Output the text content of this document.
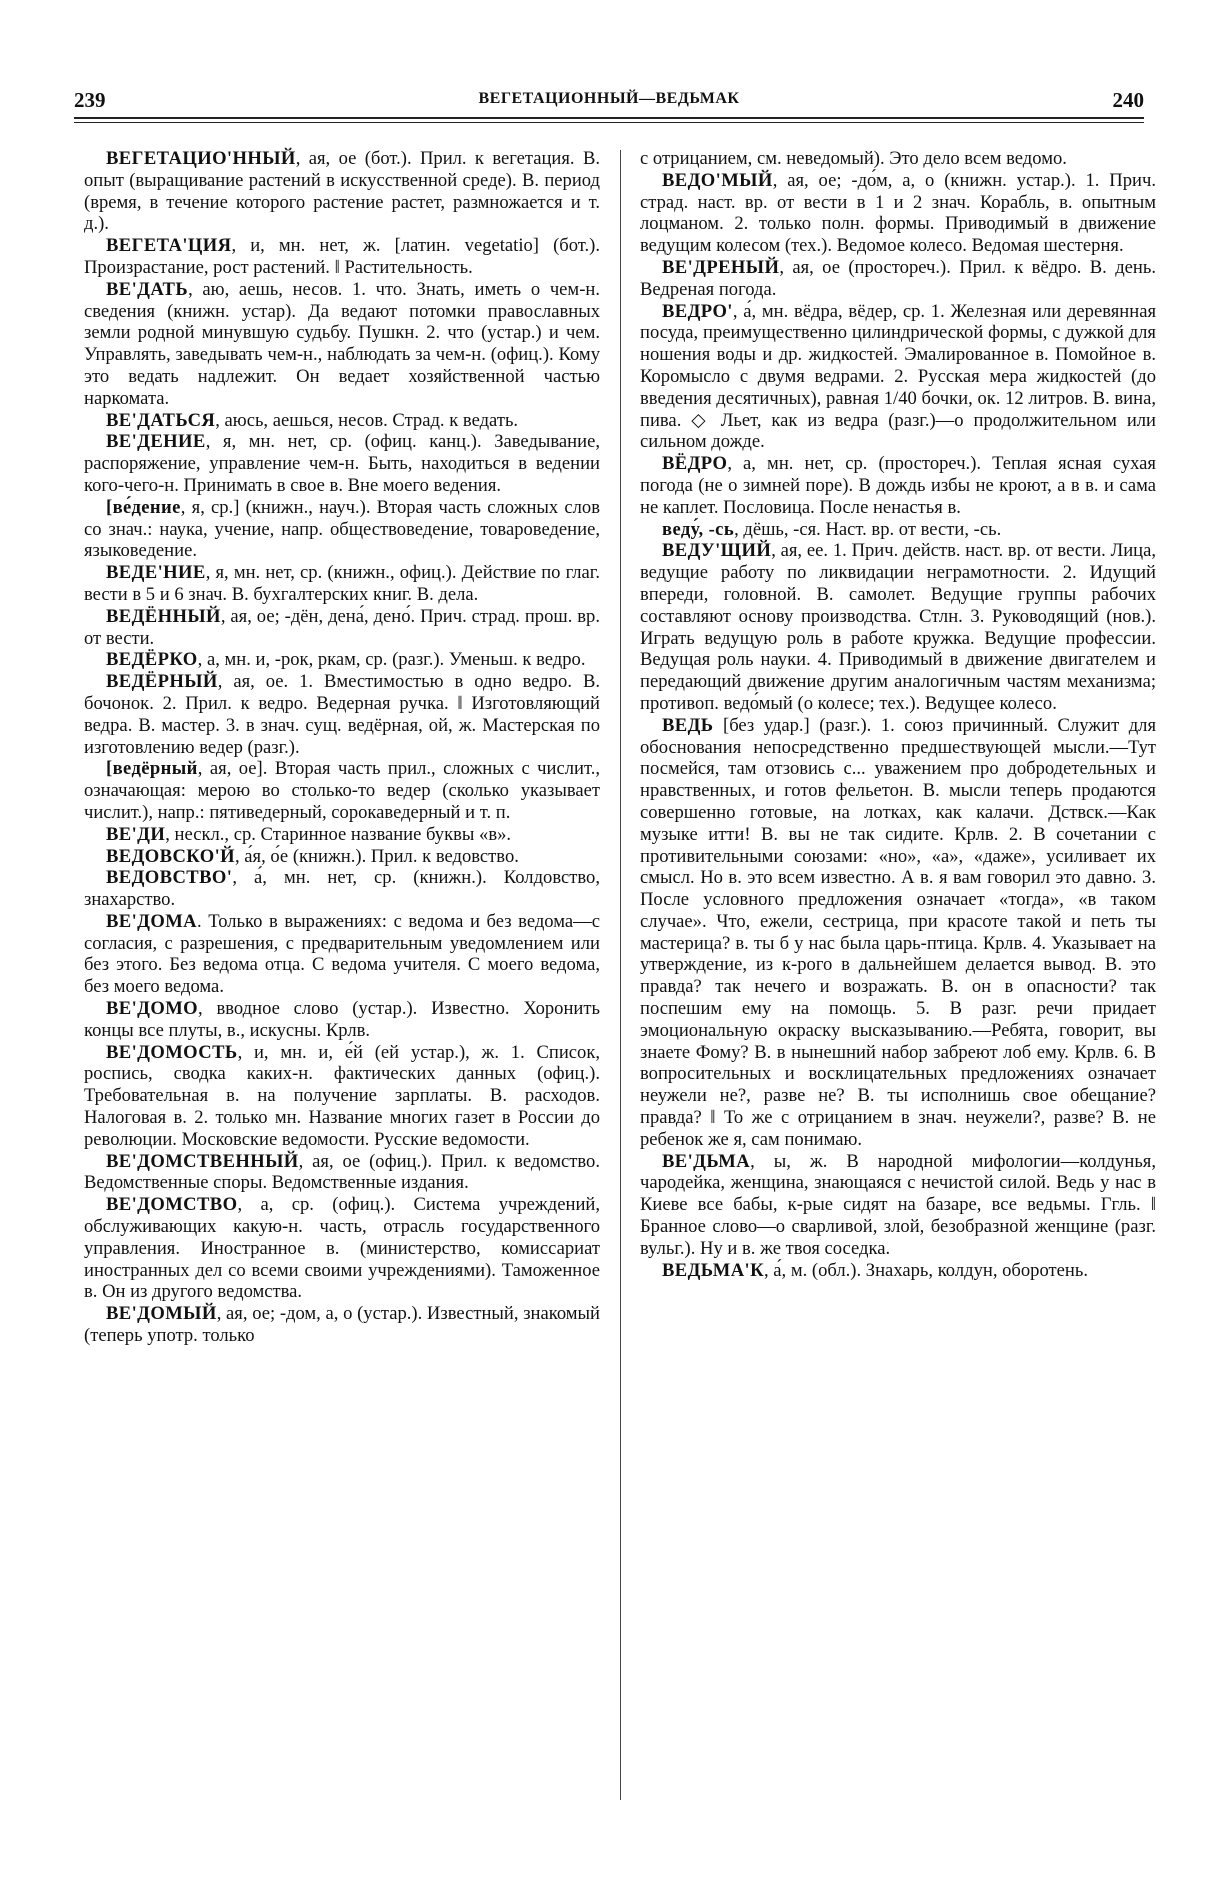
239	ВЕГЕТАЦИОННЫЙ—ВЕДЬМАК	240

ВЕГЕТАЦИО'ННЫЙ, ая, ое (бот.). Прил. к вегетация. В. опыт (выращивание растений в искусственной среде). В. период (время, в течение которого растение растет, размножается и т. д.).

ВЕГЕТА'ЦИЯ, и, мн. нет, ж. [латин. vegetatio] (бот.). Произрастание, рост растений. ‖ Растительность.

ВЕ'ДАТЬ, аю, аешь, несов. 1. что. Знать, иметь о чем-н. сведения (книжн. устар). Да ведают потомки православных земли родной минувшую судьбу. Пушкн. 2. что (устар.) и чем. Управлять, заведывать чем-н., наблюдать за чем-н. (офиц.). Кому это ведать надлежит. Он ведает хозяйственной частью наркомата.

ВЕ'ДАТЬСЯ, аюсь, аешься, несов. Страд. к ведать.

ВЕ'ДЕНИЕ, я, мн. нет, ср. (офиц. канц.). Заведывание, распоряжение, управление чем-н. Быть, находиться в ведении кого-чего-н. Принимать в свое в. Вне моего ведения.

[ве́дение, я, ср.] (книжн., науч.). Вторая часть сложных слов со знач.: наука, учение, напр. обществоведение, товароведение, языковедение.

ВЕДЕ'НИЕ, я, мн. нет, ср. (книжн., офиц.). Действие по глаг. вести в 5 и 6 знач. В. бухгалтерских книг. В. дела.

ВЕДЁННЫЙ, ая, ое; -дён, дена́, дено́. Прич. страд. прош. вр. от вести.

ВЕДЁРКО, а, мн. и, -рок, ркам, ср. (разг.). Уменьш. к ведро.

ВЕДЁРНЫЙ, ая, ое. 1. Вместимостью в одно ведро. В. бочонок. 2. Прил. к ведро. Ведерная ручка. ‖ Изготовляющий ведра. В. мастер. 3. в знач. сущ. ведёрная, ой, ж. Мастерская по изготовлению ведер (разг.).

[ведёрный, ая, ое]. Вторая часть прил., сложных с числит., означающая: мерою во столько-то ведер (сколько указывает числит.), напр.: пятиведерный, сорокаведерный и т. п.

ВЕ'ДИ, нескл., ср. Старинное название буквы «в».

ВЕДОВСКО'Й, а́я, о́е (книжн.). Прил. к ведовство.

ВЕДОВСТВО', а́, мн. нет, ср. (книжн.). Колдовство, знахарство.

ВЕ'ДОМА. Только в выражениях: с ведома и без ведома—с согласия, с разрешения, с предварительным уведомлением или без этого. Без ведома отца. С ведома учителя. С моего ведома, без моего ведома.

ВЕ'ДОМО, вводное слово (устар.). Известно. Хоронить концы все плуты, в., искусны. Крлв.

ВЕ'ДОМОСТЬ, и, мн. и, е́й (ей устар.), ж. 1. Список, роспись, сводка каких-н. фактических данных (офиц.). Требовательная в. на получение зарплаты. В. расходов. Налоговая в. 2. только мн. Название многих газет в России до революции. Московские ведомости. Русские ведомости.

ВЕ'ДОМСТВЕННЫЙ, ая, ое (офиц.). Прил. к ведомство. Ведомственные споры. Ведомственные издания.

ВЕ'ДОМСТВО, а, ср. (офиц.). Система учреждений, обслуживающих какую-н. часть, отрасль государственного управления. Иностранное в. (министерство, комиссариат иностранных дел со всеми своими учреждениями). Таможенное в. Он из другого ведомства.

ВЕ'ДОМЫЙ, ая, ое; -дом, а, о (устар.). Известный, знакомый (теперь употр. только

с отрицанием, см. неведомый). Это дело всем ведомо.

ВЕДО'МЫЙ, ая, ое; -до́м, а, о (книжн. устар.). 1. Прич. страд. наст. вр. от вести в 1 и 2 знач. Корабль, в. опытным лоцманом. 2. только полн. формы. Приводимый в движение ведущим колесом (тех.). Ведомое колесо. Ведомая шестерня.

ВЕ'ДРЕНЫЙ, ая, ое (простореч.). Прил. к вёдро. В. день. Ведреная погода.

ВЕДРО', а́, мн. вёдра, вёдер, ср. 1. Железная или деревянная посуда, преимущественно цилиндрической формы, с дужкой для ношения воды и др. жидкостей. Эмалированное в. Помойное в. Коромысло с двумя ведрами. 2. Русская мера жидкостей (до введения десятичных), равная 1/40 бочки, ок. 12 литров. В. вина, пива. ◇ Льет, как из ведра (разг.)—о продолжительном или сильном дожде.

ВЁДРО, а, мн. нет, ср. (простореч.). Теплая ясная сухая погода (не о зимней поре). В дождь избы не кроют, а в в. и сама не каплет. Пословица. После ненастья в.

веду́, -сь, дёшь, -ся. Наст. вр. от вести, -сь.

ВЕДУ'ЩИЙ, ая, ее. 1. Прич. действ. наст. вр. от вести. Лица, ведущие работу по ликвидации неграмотности. 2. Идущий впереди, головной. В. самолет. Ведущие группы рабочих составляют основу производства. Стлн. 3. Руководящий (нов.). Играть ведущую роль в работе кружка. Ведущие профессии. Ведущая роль науки. 4. Приводимый в движение двигателем и передающий движение другим аналогичным частям механизма; противоп. ведо́мый (о колесе; тех.). Ведущее колесо.

ВЕДЬ [без удар.] (разг.). 1. союз причинный. Служит для обоснования непосредственно предшествующей мысли.—Тут посмейся, там отзовись с... уважением про добродетельных и нравственных, и готов фельетон. В. мысли теперь продаются совершенно готовые, на лотках, как калачи. Дствск.—Как музыке итти! В. вы не так сидите. Крлв. 2. В сочетании с противительными союзами: «но», «а», «даже», усиливает их смысл. Но в. это всем известно. А в. я вам говорил это давно. 3. После условного предложения означает «тогда», «в таком случае». Что, ежели, сестрица, при красоте такой и петь ты мастерица? в. ты б у нас была царь-птица. Крлв. 4. Указывает на утверждение, из к-рого в дальнейшем делается вывод. В. это правда? так нечего и возражать. В. он в опасности? так поспешим ему на помощь. 5. В разг. речи придает эмоциональную окраску высказыванию.—Ребята, говорит, вы знаете Фому? В. в нынешний набор забреют лоб ему. Крлв. 6. В вопросительных и восклицательных предложениях означает неужели не?, разве не? В. ты исполнишь свое обещание? правда? ‖ То же с отрицанием в знач. неужели?, разве? В. не ребенок же я, сам понимаю.

ВЕ'ДЬМА, ы, ж. В народной мифологии—колдунья, чародейка, женщина, знающаяся с нечистой силой. Ведь у нас в Киеве все бабы, к-рые сидят на базаре, все ведьмы. Ггль. ‖ Бранное слово—о сварливой, злой, безобразной женщине (разг. вульг.). Ну и в. же твоя соседка.

ВЕДЬМА'К, а́, м. (обл.). Знахарь, колдун, оборотень.
